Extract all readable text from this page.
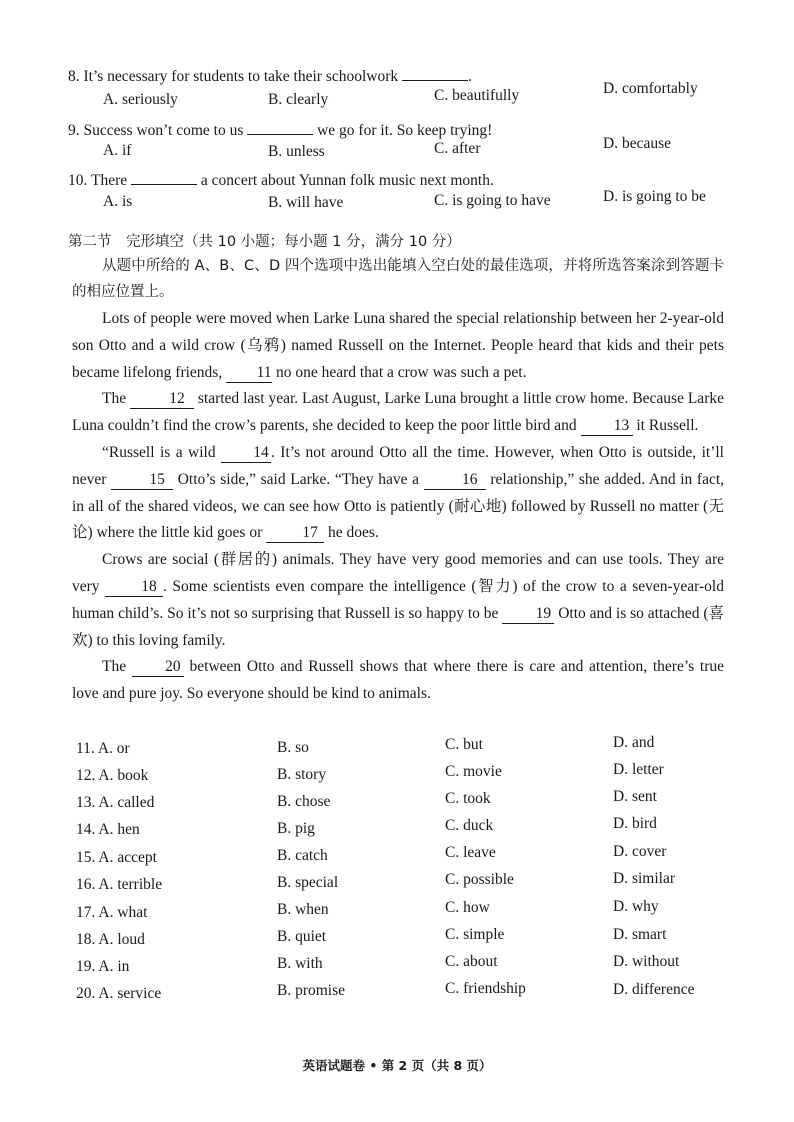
8. It’s necessary for students to take their schoolwork	.
A. seriously	B. clearly	C. beautifully	D. comfortably
9. Success won’t come to us	we go for it. So keep trying!
A. if	B. unless	C. after	D. because
10. There	a concert about Yunnan folk music next month.
A. is	B. will have	C. is going to have	D. is going to be
第二节　完形填空（共 10 小题；每小题 1 分，满分 10 分）
从题中所给的 A、B、C、D 四个选项中选出能填入空白处的最佳选项，并将所选答案涂到答题卡的相应位置上。

Lots of people were moved when Larke Luna shared the special relationship between her 2-year-old son Otto and a wild crow (乌鸦) named Russell on the Internet. People heard that kids and their pets became lifelong friends, 11 no one heard that a crow was such a pet.

The	12 started last year. Last August, Larke Luna brought a little crow home. Because Larke Luna couldn’t find the crow’s parents, she decided to keep the poor little bird and 13 it Russell.

“Russell is a wild 14 . It’s not around Otto all the time. However, when Otto is outside, it’ll never 15 Otto’s side,” said Larke. “They have a 16 relationship,” she added. And in fact, in all of the shared videos, we can see how Otto is patiently (耐心地) followed by Russell no matter (无论) where the little kid goes or 17 he does.

Crows are social (群居的) animals. They have very good memories and can use tools. They are very 18 . Some scientists even compare the intelligence (智力) of the crow to a seven-year-old human child’s. So it’s not so surprising that Russell is so happy to be 19 Otto and is so attached (喜欢) to this loving family.

The 20 between Otto and Russell shows that where there is care and attention, there’s true love and pure joy. So everyone should be kind to animals.

11. A. or	B. so	C. but	D. and
12. A. book	B. story	C. movie	D. letter
13. A. called	B. chose	C. took	D. sent
14. A. hen	B. pig	C. duck	D. bird
15. A. accept	B. catch	C. leave	D. cover
16. A. terrible	B. special	C. possible	D. similar
17. A. what	B. when	C. how	D. why
18. A. loud	B. quiet	C. simple	D. smart
19. A. in	B. with	C. about	D. without
20. A. service	B. promise	C. friendship	D. difference
英语试题卷 • 第 2 页（共 8 页）
